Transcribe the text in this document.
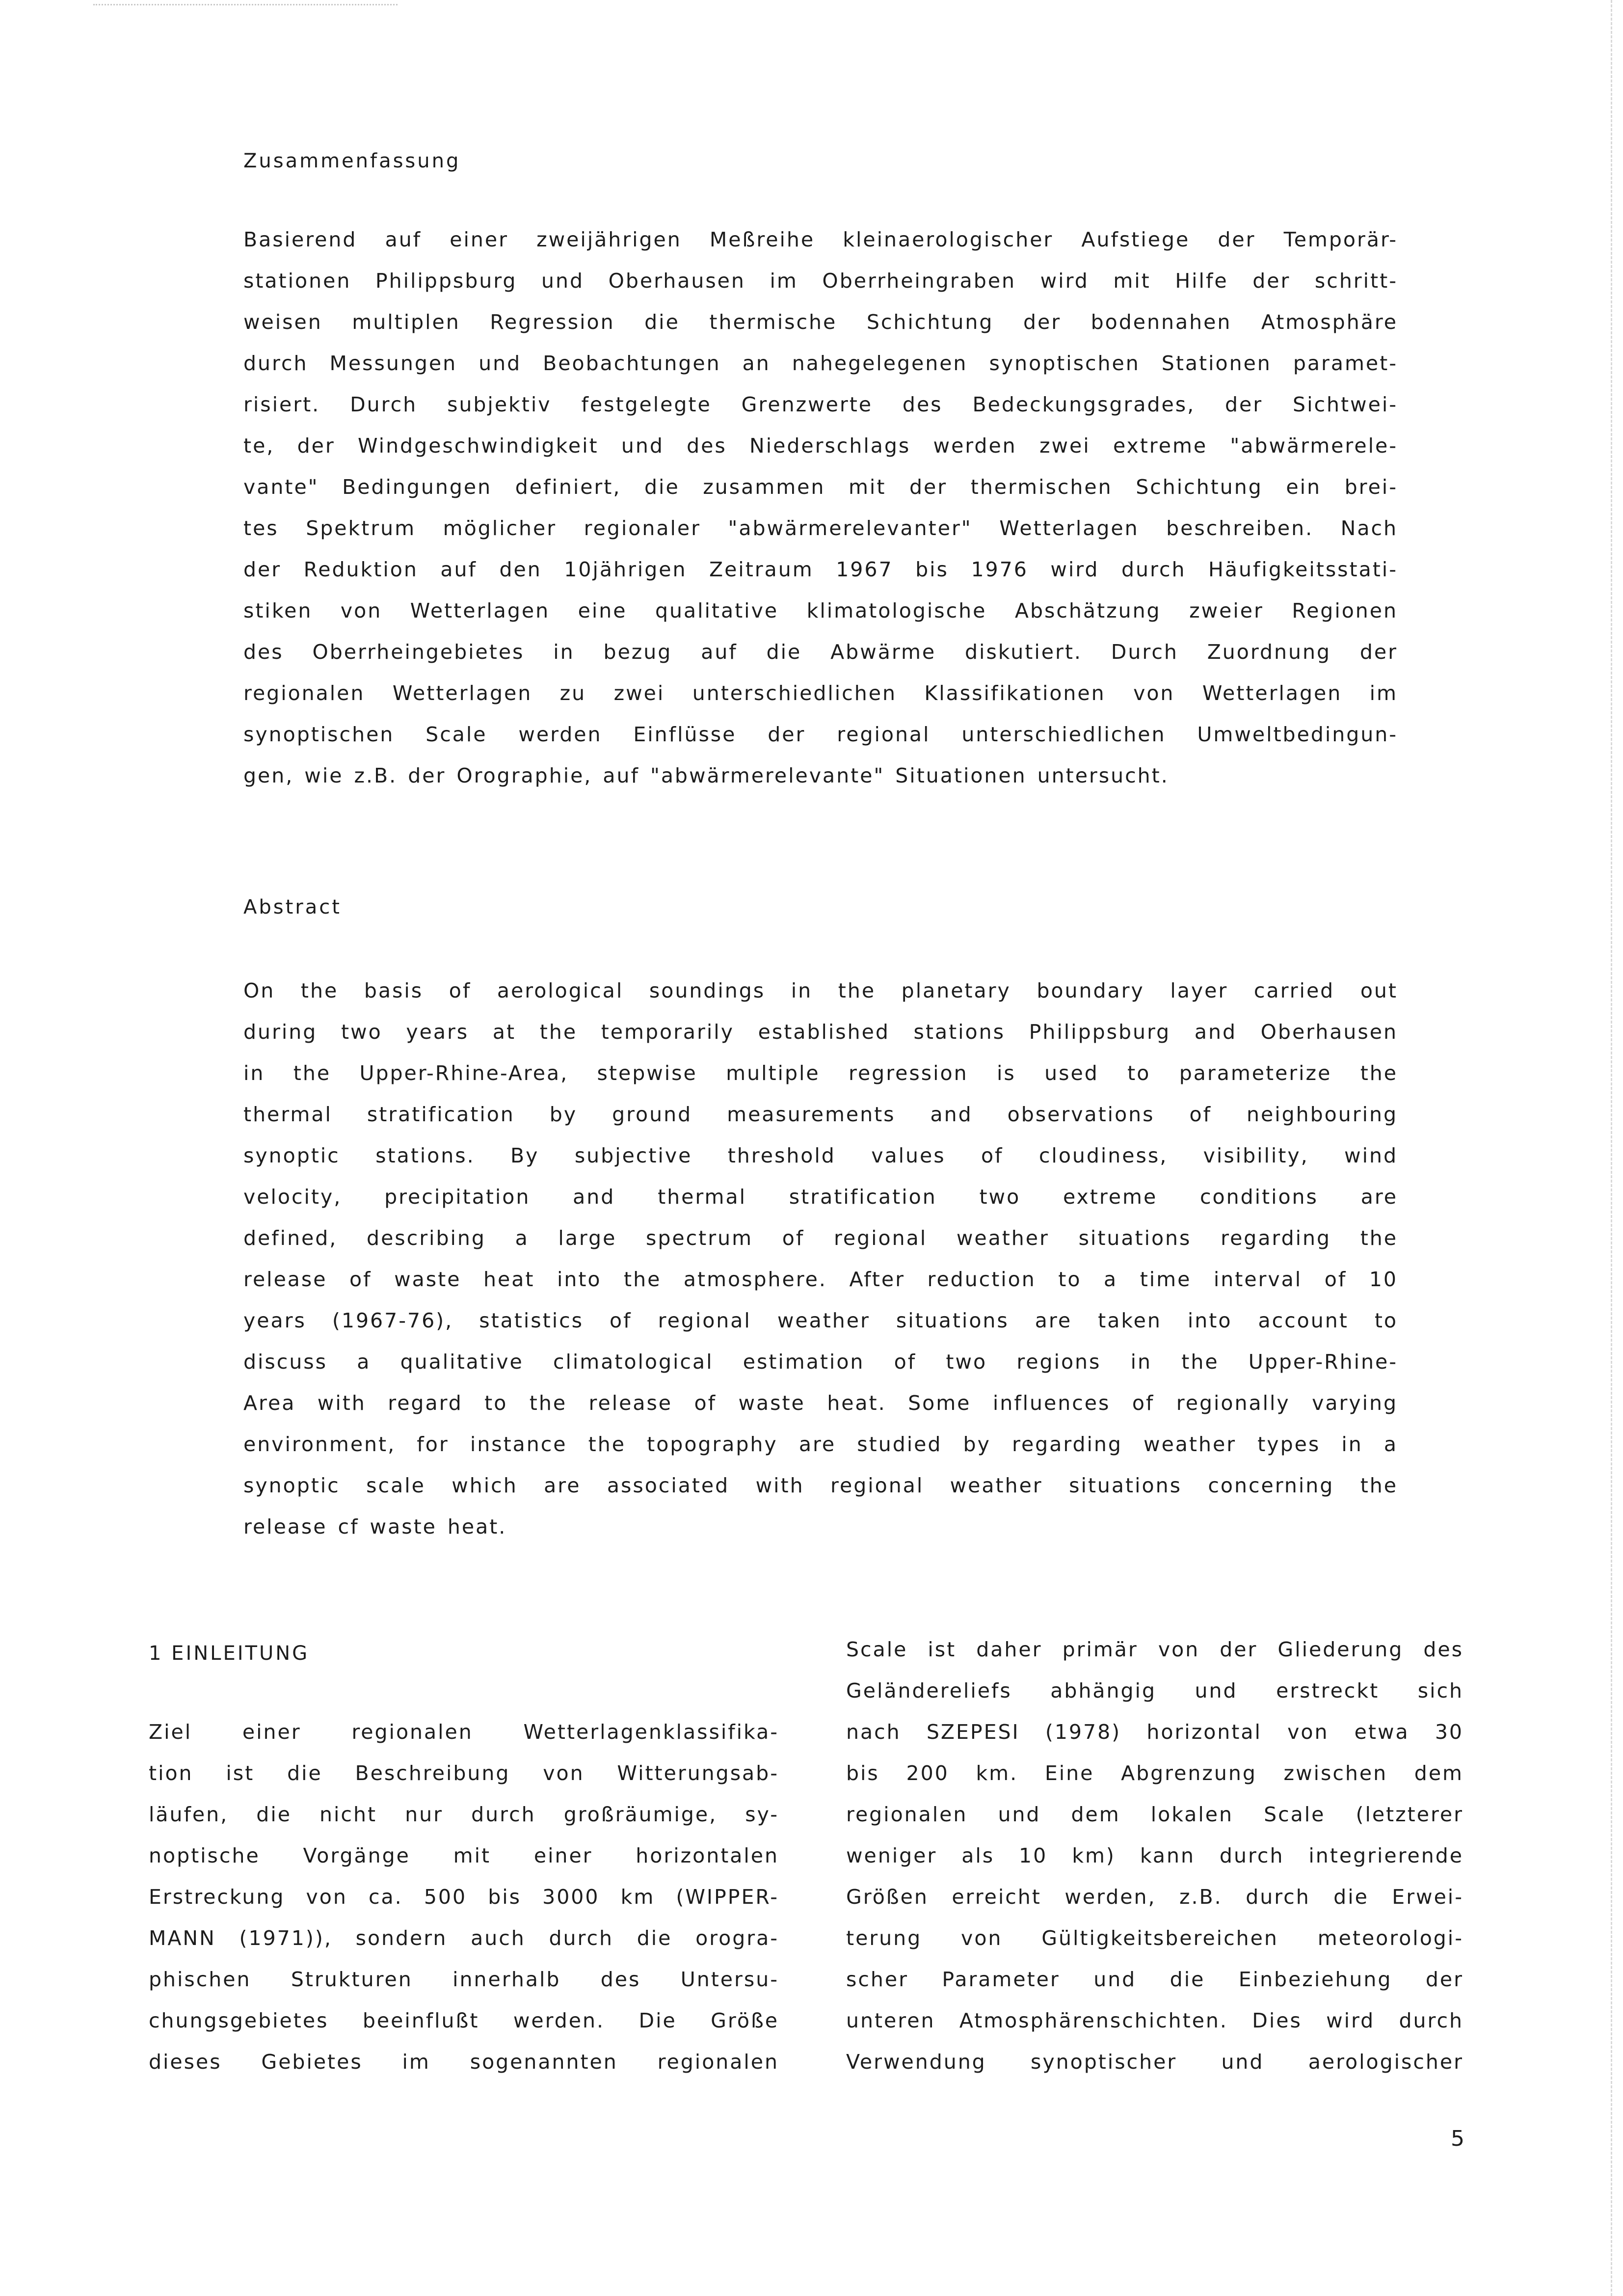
Zusammenfassung
Basierend auf einer zweijährigen Meßreihe kleinaerologischer Aufstiege der Temporär-
stationen Philippsburg und Oberhausen im Oberrheingraben wird mit Hilfe der schritt-
weisen multiplen Regression die thermische Schichtung der bodennahen Atmosphäre
durch Messungen und Beobachtungen an nahegelegenen synoptischen Stationen paramet-
risiert. Durch subjektiv festgelegte Grenzwerte des Bedeckungsgrades, der Sichtwei-
te, der Windgeschwindigkeit und des Niederschlags werden zwei extreme "abwärmerele-
vante" Bedingungen definiert, die zusammen mit der thermischen Schichtung ein brei-
tes Spektrum möglicher regionaler "abwärmerelevanter" Wetterlagen beschreiben. Nach
der Reduktion auf den 10jährigen Zeitraum 1967 bis 1976 wird durch Häufigkeitsstati-
stiken von Wetterlagen eine qualitative klimatologische Abschätzung zweier Regionen
des Oberrheingebietes in bezug auf die Abwärme diskutiert. Durch Zuordnung der
regionalen Wetterlagen zu zwei unterschiedlichen Klassifikationen von Wetterlagen im
synoptischen Scale werden Einflüsse der regional unterschiedlichen Umweltbedingun-
gen, wie z.B. der Orographie, auf "abwärmerelevante" Situationen untersucht.
Abstract
On the basis of aerological soundings in the planetary boundary layer carried out
during two years at the temporarily established stations Philippsburg and Oberhausen
in the Upper-Rhine-Area, stepwise multiple regression is used to parameterize the
thermal stratification by ground measurements and observations of neighbouring
synoptic stations. By subjective threshold values of cloudiness, visibility, wind
velocity, precipitation and thermal stratification two extreme conditions are
defined, describing a large spectrum of regional weather situations regarding the
release of waste heat into the atmosphere. After reduction to a time interval of 10
years (1967-76), statistics of regional weather situations are taken into account to
discuss a qualitative climatological estimation of two regions in the Upper-Rhine-
Area with regard to the release of waste heat. Some influences of regionally varying
environment, for instance the topography are studied by regarding weather types in a
synoptic scale which are associated with regional weather situations concerning the
release cf waste heat.
1 EINLEITUNG
Ziel einer regionalen Wetterlagenklassifika-
tion ist die Beschreibung von Witterungsab-
läufen, die nicht nur durch großräumige, sy-
noptische Vorgänge mit einer horizontalen
Erstreckung von ca. 500 bis 3000 km (WIPPER-
MANN (1971)), sondern auch durch die orogra-
phischen Strukturen innerhalb des Untersu-
chungsgebietes beeinflußt werden. Die Größe
dieses Gebietes im sogenannten regionalen
Scale ist daher primär von der Gliederung des
Geländereliefs abhängig und erstreckt sich
nach SZEPESI (1978) horizontal von etwa 30
bis 200 km. Eine Abgrenzung zwischen dem
regionalen und dem lokalen Scale (letzterer
weniger als 10 km) kann durch integrierende
Größen erreicht werden, z.B. durch die Erwei-
terung von Gültigkeitsbereichen meteorologi-
scher Parameter und die Einbeziehung der
unteren Atmosphärenschichten. Dies wird durch
Verwendung synoptischer und aerologischer
5
